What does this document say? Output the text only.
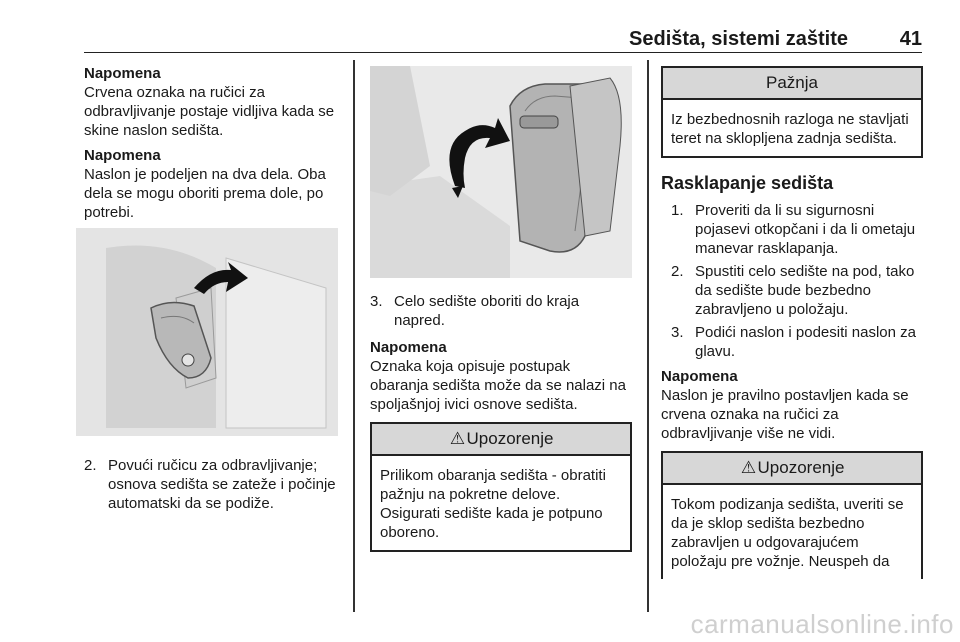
Sedišta, sistemi zaštite	41
Napomena
Crvena oznaka na ručici za odbravljivanje postaje vidljiva kada se skine naslon sedišta.
Napomena
Naslon je podeljen na dva dela. Oba dela se mogu oboriti prema dole, po potrebi.
2. Povući ručicu za odbravljivanje; osnova sedišta se zateže i počinje automatski da se podiže.
3. Celo sedište oboriti do kraja napred.
Napomena
Oznaka koja opisuje postupak obaranja sedišta može da se nalazi na spoljašnjoj ivici osnove sedišta.
⚠Upozorenje
Prilikom obaranja sedišta - obratiti pažnju na pokretne delove. Osigurati sedište kada je potpuno oboreno.
Pažnja
Iz bezbednosnih razloga ne stavljati teret na sklopljena zadnja sedišta.
Rasklapanje sedišta
1. Proveriti da li su sigurnosni pojasevi otkopčani i da li ometaju manevar rasklapanja.
2. Spustiti celo sedište na pod, tako da sedište bude bezbedno zabravljeno u položaju.
3. Podići naslon i podesiti naslon za glavu.
Napomena
Naslon je pravilno postavljen kada se crvena oznaka na ručici za odbravljivanje više ne vidi.
⚠Upozorenje
Tokom podizanja sedišta, uveriti se da je sklop sedišta bezbedno zabravljen u odgovarajućem položaju pre vožnje. Neuspeh da
carmanualsonline.info
